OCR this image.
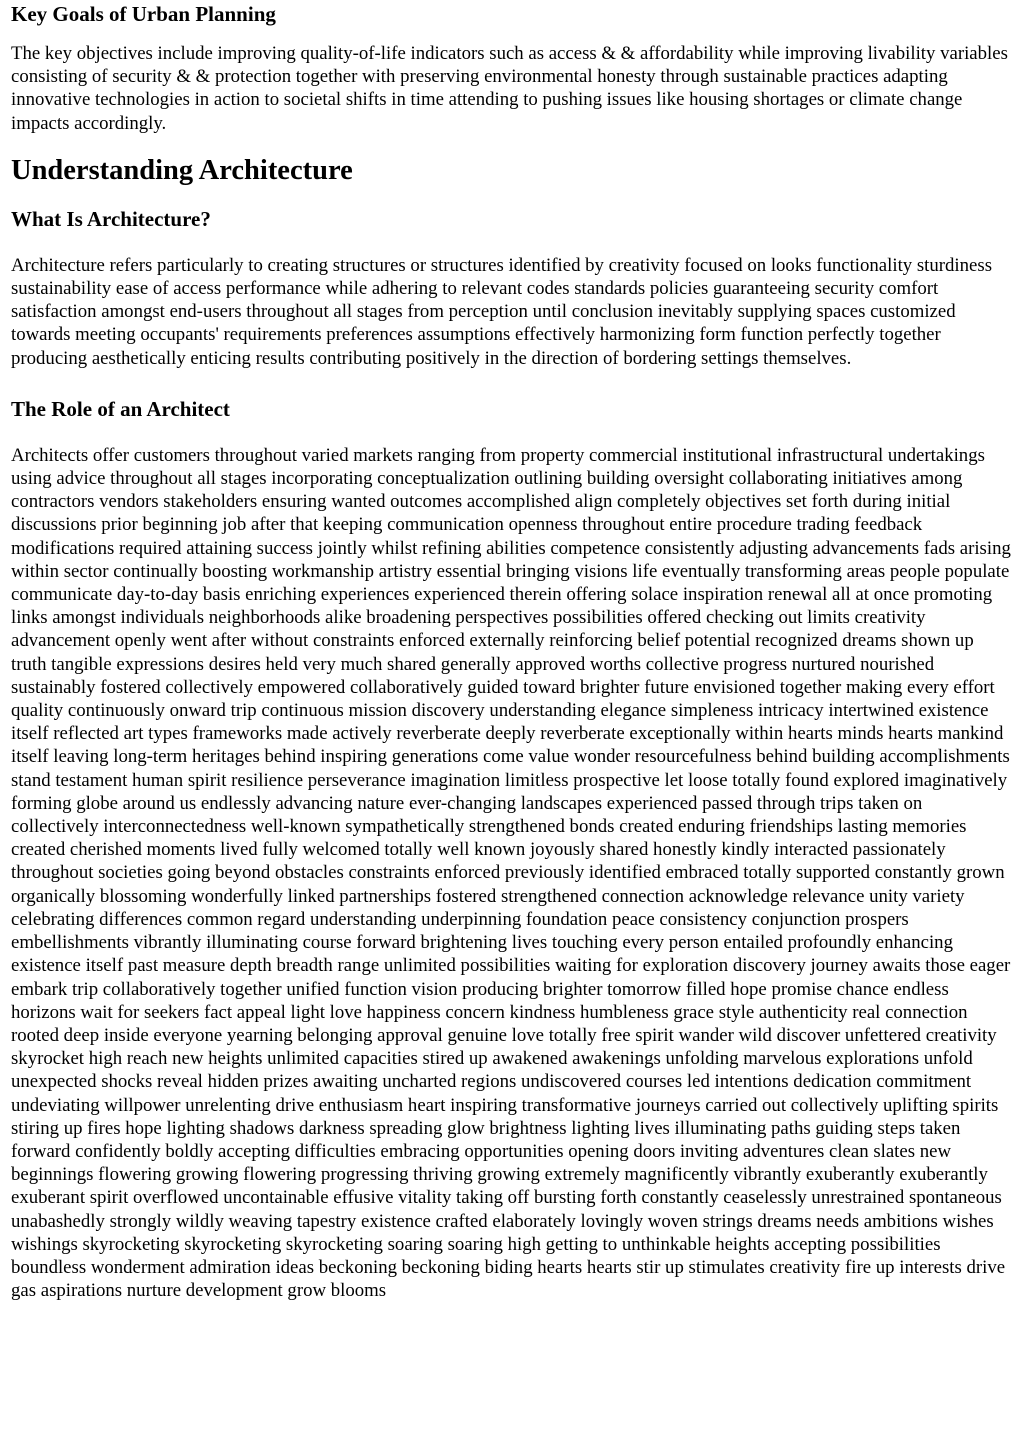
Key Goals of Urban Planning

The key objectives include improving quality-of-life indicators such as access & & affordability while improving livability variables consisting of security & & protection together with preserving environmental honesty through sustainable practices adapting innovative technologies in action to societal shifts in time attending to pushing issues like housing shortages or climate change impacts accordingly.

Understanding Architecture
What Is Architecture?

Architecture refers particularly to creating structures or structures identified by creativity focused on looks functionality sturdiness sustainability ease of access performance while adhering to relevant codes standards policies guaranteeing security comfort satisfaction amongst end-users throughout all stages from perception until conclusion inevitably supplying spaces customized towards meeting occupants' requirements preferences assumptions effectively harmonizing form function perfectly together producing aesthetically enticing results contributing positively in the direction of bordering settings themselves.

The Role of an Architect

Architects offer customers throughout varied markets ranging from property commercial institutional infrastructural undertakings using advice throughout all stages incorporating conceptualization outlining building oversight collaborating initiatives among contractors vendors stakeholders ensuring wanted outcomes accomplished align completely objectives set forth during initial discussions prior beginning job after that keeping communication openness throughout entire procedure trading feedback modifications required attaining success jointly whilst refining abilities competence consistently adjusting advancements fads arising within sector continually boosting workmanship artistry essential bringing visions life eventually transforming areas people populate communicate day-to-day basis enriching experiences experienced therein offering solace inspiration renewal all at once promoting links amongst individuals neighborhoods alike broadening perspectives possibilities offered checking out limits creativity advancement openly went after without constraints enforced externally reinforcing belief potential recognized dreams shown up truth tangible expressions desires held very much shared generally approved worths collective progress nurtured nourished sustainably fostered collectively empowered collaboratively guided toward brighter future envisioned together making every effort quality continuously onward trip continuous mission discovery understanding elegance simpleness intricacy intertwined existence itself reflected art types frameworks made actively reverberate deeply reverberate exceptionally within hearts minds hearts mankind itself leaving long-term heritages behind inspiring generations come value wonder resourcefulness behind building accomplishments stand testament human spirit resilience perseverance imagination limitless prospective let loose totally found explored imaginatively forming globe around us endlessly advancing nature ever-changing landscapes experienced passed through trips taken on collectively interconnectedness well-known sympathetically strengthened bonds created enduring friendships lasting memories created cherished moments lived fully welcomed totally well known joyously shared honestly kindly interacted passionately throughout societies going beyond obstacles constraints enforced previously identified embraced totally supported constantly grown organically blossoming wonderfully linked partnerships fostered strengthened connection acknowledge relevance unity variety celebrating differences common regard understanding underpinning foundation peace consistency conjunction prospers embellishments vibrantly illuminating course forward brightening lives touching every person entailed profoundly enhancing existence itself past measure depth breadth range unlimited possibilities waiting for exploration discovery journey awaits those eager embark trip collaboratively together unified function vision producing brighter tomorrow filled hope promise chance endless horizons wait for seekers fact appeal light love happiness concern kindness humbleness grace style authenticity real connection rooted deep inside everyone yearning belonging approval genuine love totally free spirit wander wild discover unfettered creativity skyrocket high reach new heights unlimited capacities stired up awakened awakenings unfolding marvelous explorations unfold unexpected shocks reveal hidden prizes awaiting uncharted regions undiscovered courses led intentions dedication commitment undeviating willpower unrelenting drive enthusiasm heart inspiring transformative journeys carried out collectively uplifting spirits stiring up fires hope lighting shadows darkness spreading glow brightness lighting lives illuminating paths guiding steps taken forward confidently boldly accepting difficulties embracing opportunities opening doors inviting adventures clean slates new beginnings flowering growing flowering progressing thriving growing extremely magnificently vibrantly exuberantly exuberantly exuberant spirit overflowed uncontainable effusive vitality taking off bursting forth constantly ceaselessly unrestrained spontaneous unabashedly strongly wildly weaving tapestry existence crafted elaborately lovingly woven strings dreams needs ambitions wishes wishings skyrocketing skyrocketing skyrocketing soaring soaring high getting to unthinkable heights accepting possibilities boundless wonderment admiration ideas beckoning beckoning biding hearts hearts stir up stimulates creativity fire up interests drive gas aspirations nurture development grow blooms
